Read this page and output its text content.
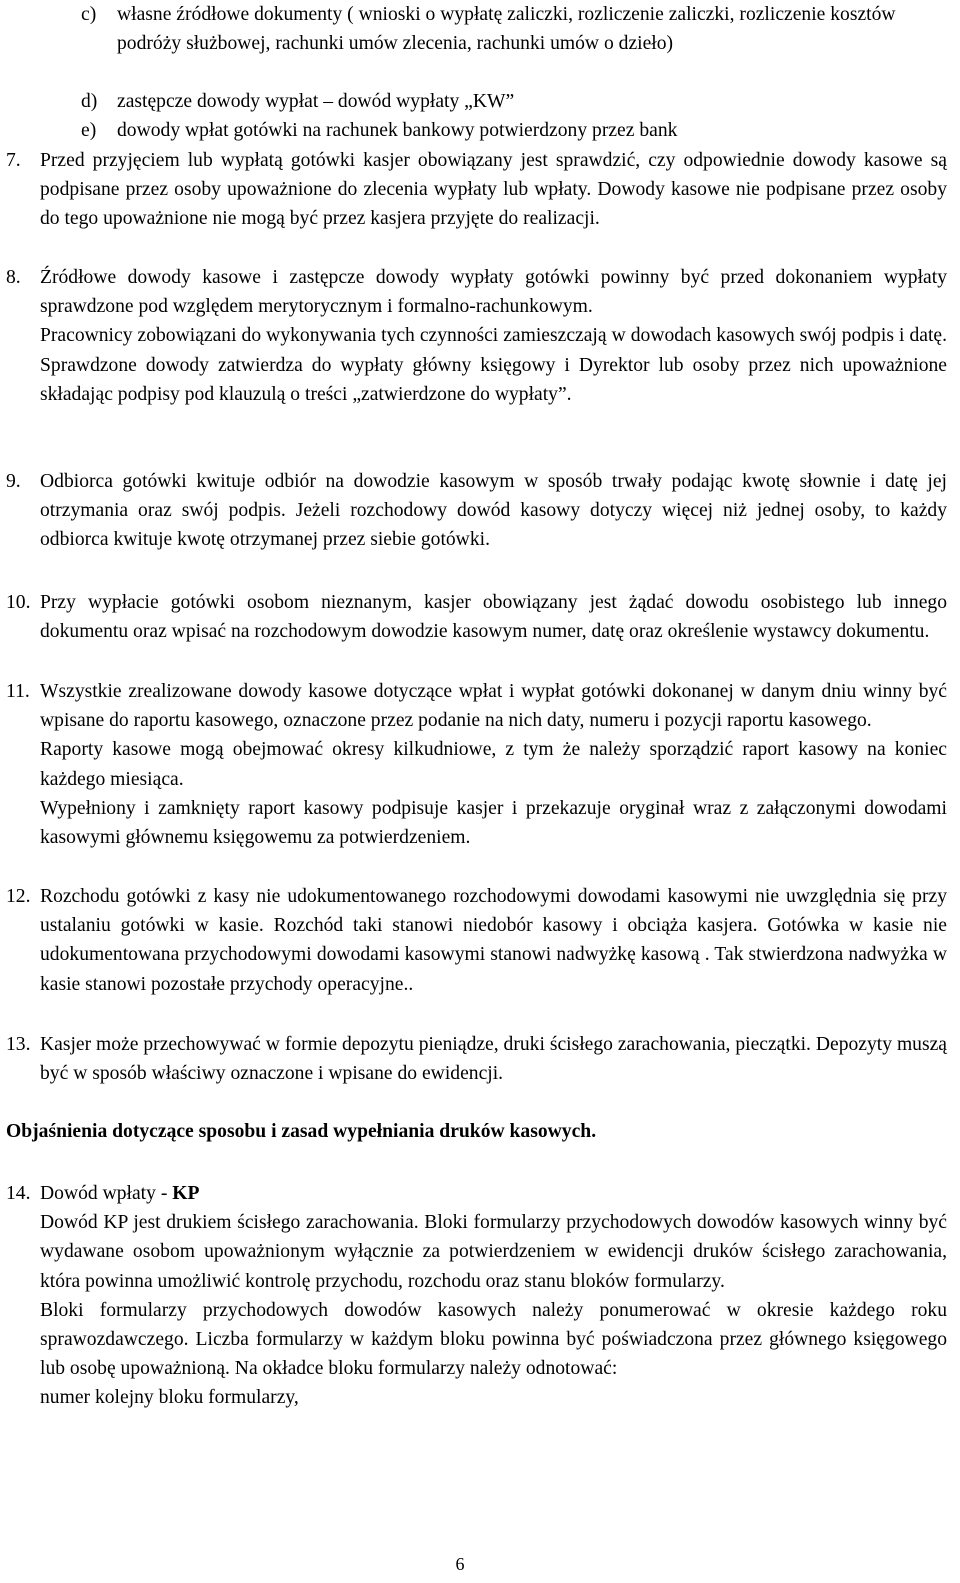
c) własne źródłowe dokumenty ( wnioski o wypłatę zaliczki, rozliczenie zaliczki, rozliczenie kosztów podróży służbowej, rachunki umów zlecenia, rachunki umów o dzieło)
d) zastępcze dowody wypłat – dowód wypłaty „KW”
e) dowody wpłat gotówki na rachunek bankowy potwierdzony przez bank
7. Przed przyjęciem lub wypłatą gotówki kasjer obowiązany jest sprawdzić, czy odpowiednie dowody kasowe są podpisane przez osoby upoważnione do zlecenia wypłaty lub wpłaty. Dowody kasowe nie podpisane przez osoby do tego upoważnione nie mogą być przez kasjera przyjęte do realizacji.

8. Źródłowe dowody kasowe i zastępcze dowody wypłaty gotówki powinny być przed dokonaniem wypłaty sprawdzone pod względem merytorycznym i formalno-rachunkowym.

Pracownicy zobowiązani do wykonywania tych czynności zamieszczają w dowodach kasowych swój podpis i datę. Sprawdzone dowody zatwierdza do wypłaty główny księgowy i Dyrektor lub osoby przez nich upoważnione składając podpisy pod klauzulą o treści „zatwierdzone do wypłaty”.

9. Odbiorca gotówki kwituje odbiór na dowodzie kasowym w sposób trwały podając kwotę słownie i datę jej otrzymania oraz swój podpis. Jeżeli rozchodowy dowód kasowy dotyczy więcej niż jednej osoby, to każdy odbiorca kwituje kwotę otrzymanej przez siebie gotówki.

10. Przy wypłacie gotówki osobom nieznanym, kasjer obowiązany jest żądać dowodu osobistego lub innego dokumentu oraz wpisać na rozchodowym dowodzie kasowym numer, datę oraz określenie wystawcy dokumentu.

11. Wszystkie zrealizowane dowody kasowe dotyczące wpłat i wypłat gotówki dokonanej w danym dniu winny być wpisane do raportu kasowego, oznaczone przez podanie na nich daty, numeru i pozycji raportu kasowego.

Raporty kasowe mogą obejmować okresy kilkudniowe, z tym że należy sporządzić raport kasowy na koniec każdego miesiąca.

Wypełniony i zamknięty raport kasowy podpisuje kasjer i przekazuje oryginał wraz z załączonymi dowodami kasowymi głównemu księgowemu za potwierdzeniem.

12. Rozchodu gotówki z kasy nie udokumentowanego rozchodowymi dowodami kasowymi nie uwzględnia się przy ustalaniu gotówki w kasie. Rozchód taki stanowi niedobór kasowy i obciąża kasjera. Gotówka w kasie nie udokumentowana przychodowymi dowodami kasowymi stanowi nadwyżkę kasową . Tak stwierdzona nadwyżka w kasie stanowi pozostałe przychody operacyjne..

13. Kasjer może przechowywać w formie depozytu pieniądze, druki ścisłego zarachowania, pieczątki. Depozyty muszą być w sposób właściwy oznaczone i wpisane do ewidencji.

Objaśnienia dotyczące sposobu i zasad wypełniania druków kasowych.
14. Dowód wpłaty - KP

Dowód KP jest drukiem ścisłego zarachowania. Bloki formularzy przychodowych dowodów kasowych winny być wydawane osobom upoważnionym wyłącznie za potwierdzeniem w ewidencji druków ścisłego zarachowania, która powinna umożliwić kontrolę przychodu, rozchodu oraz stanu bloków formularzy.

Bloki formularzy przychodowych dowodów kasowych należy ponumerować w okresie każdego roku sprawozdawczego. Liczba formularzy w każdym bloku powinna być poświadczona przez głównego księgowego lub osobę upoważnioną. Na okładce bloku formularzy należy odnotować:

numer kolejny bloku formularzy,

6
